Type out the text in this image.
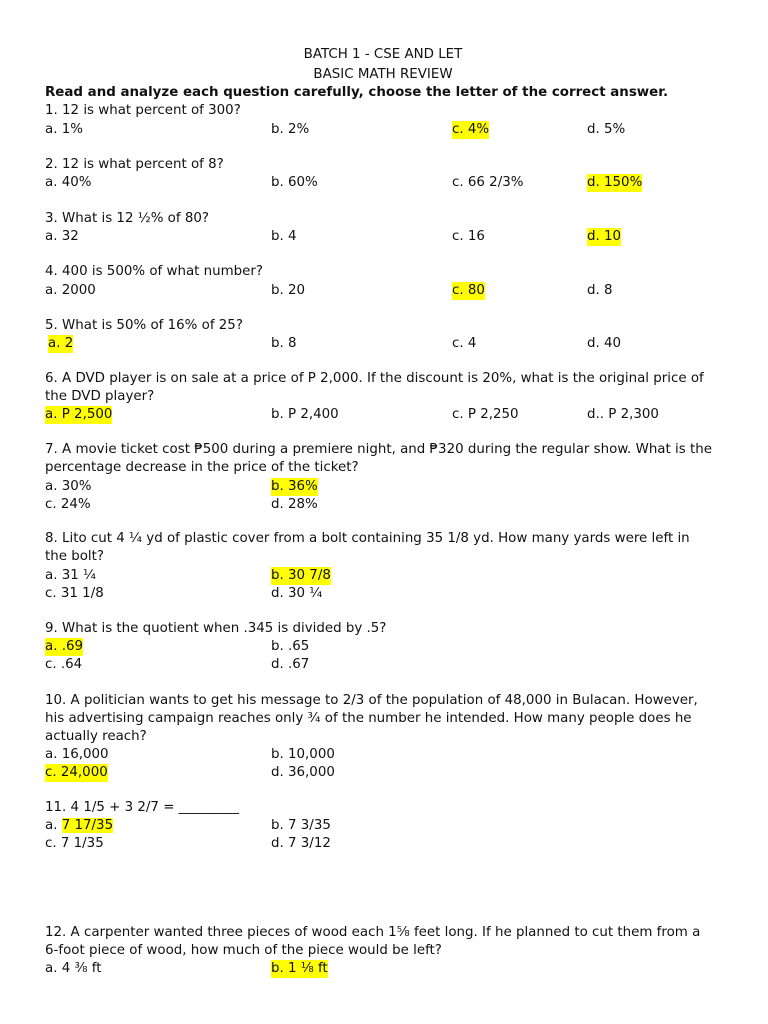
BATCH 1 - CSE AND LET
BASIC MATH REVIEW
Read and analyze each question carefully, choose the letter of the correct answer.
1. 12 is what percent of 300?
a. 1%	b. 2%	c. 4%	d. 5%
2. 12 is what percent of 8?
a. 40%	b. 60%	c. 66 2/3%	d. 150%
3. What is 12 ½% of 80?
a. 32	b. 4	c. 16	d. 10
4. 400 is 500% of what number?
a. 2000	b. 20	c. 80	d. 8
5. What is 50% of 16% of 25?
a. 2	b. 8	c. 4	d. 40
6. A DVD player is on sale at a price of P 2,000. If the discount is 20%, what is the original price of the DVD player?
a. P 2,500	b. P 2,400	c. P 2,250	d.. P 2,300
7. A movie ticket cost ₱500 during a premiere night, and ₱320 during the regular show. What is the percentage decrease in the price of the ticket?
a. 30%	b. 36%
c. 24%	d. 28%
8. Lito cut 4 ¼ yd of plastic cover from a bolt containing 35 1/8 yd. How many yards were left in the bolt?
a. 31 ¼	b. 30 7/8
c. 31 1/8	d. 30 ¼
9. What is the quotient when .345 is divided by .5?
a. .69	b. .65
c. .64	d. .67
10. A politician wants to get his message to 2/3 of the population of 48,000 in Bulacan. However, his advertising campaign reaches only ¾ of the number he intended. How many people does he actually reach?
a. 16,000	b. 10,000
c. 24,000	d. 36,000
11. 4 1/5 + 3 2/7 = _________
a. 7 17/35	b. 7 3/35
c. 7 1/35	d. 7 3/12
12. A carpenter wanted three pieces of wood each 1⅝ feet long. If he planned to cut them from a 6-foot piece of wood, how much of the piece would be left?
a. 4 ⅜ ft	b. 1 ⅛ ft
